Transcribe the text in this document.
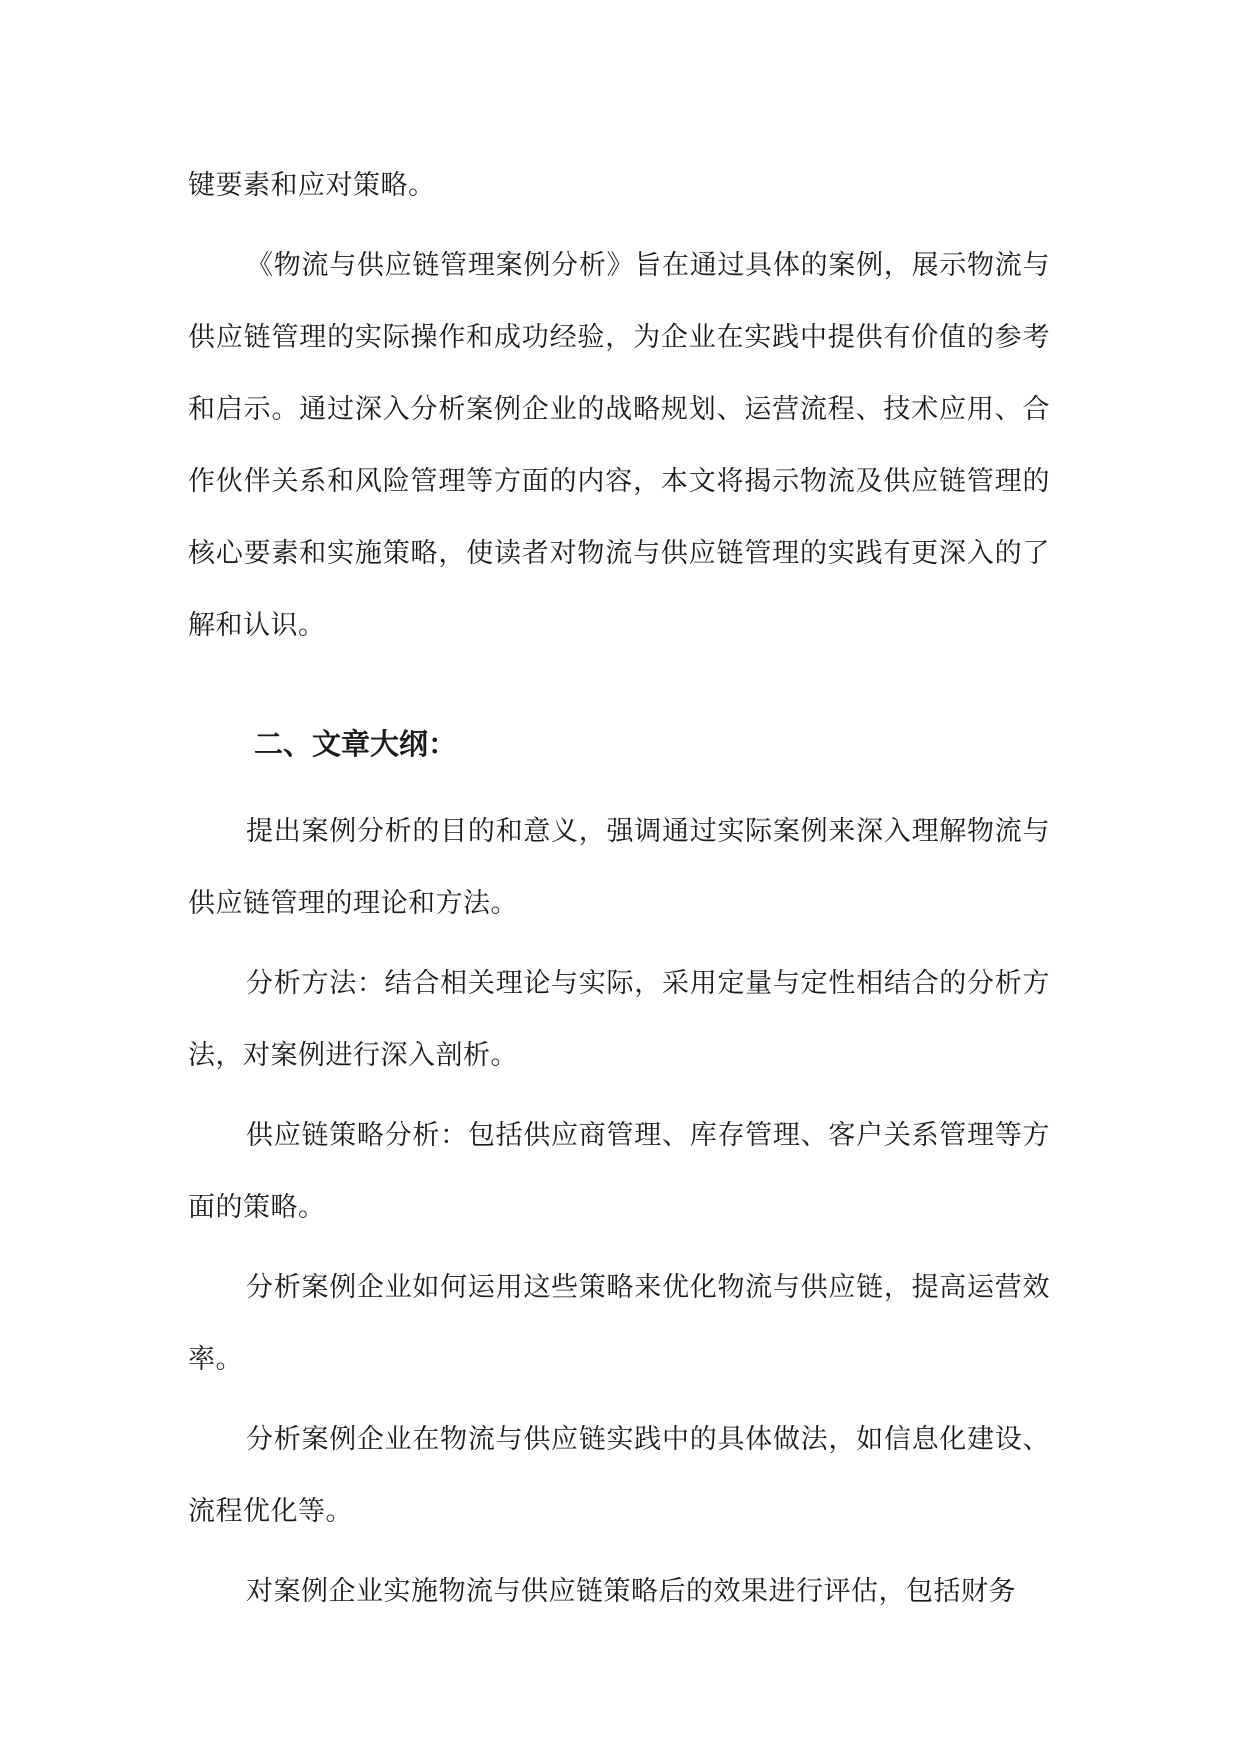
键要素和应对策略。

《物流与供应链管理案例分析》旨在通过具体的案例，展示物流与供应链管理的实际操作和成功经验，为企业在实践中提供有价值的参考和启示。通过深入分析案例企业的战略规划、运营流程、技术应用、合作伙伴关系和风险管理等方面的内容，本文将揭示物流及供应链管理的核心要素和实施策略，使读者对物流与供应链管理的实践有更深入的了解和认识。

二、文章大纲：

提出案例分析的目的和意义，强调通过实际案例来深入理解物流与供应链管理的理论和方法。

分析方法：结合相关理论与实际，采用定量与定性相结合的分析方法，对案例进行深入剖析。

供应链策略分析：包括供应商管理、库存管理、客户关系管理等方面的策略。

分析案例企业如何运用这些策略来优化物流与供应链，提高运营效率。

分析案例企业在物流与供应链实践中的具体做法，如信息化建设、流程优化等。

对案例企业实施物流与供应链策略后的效果进行评估，包括财务
